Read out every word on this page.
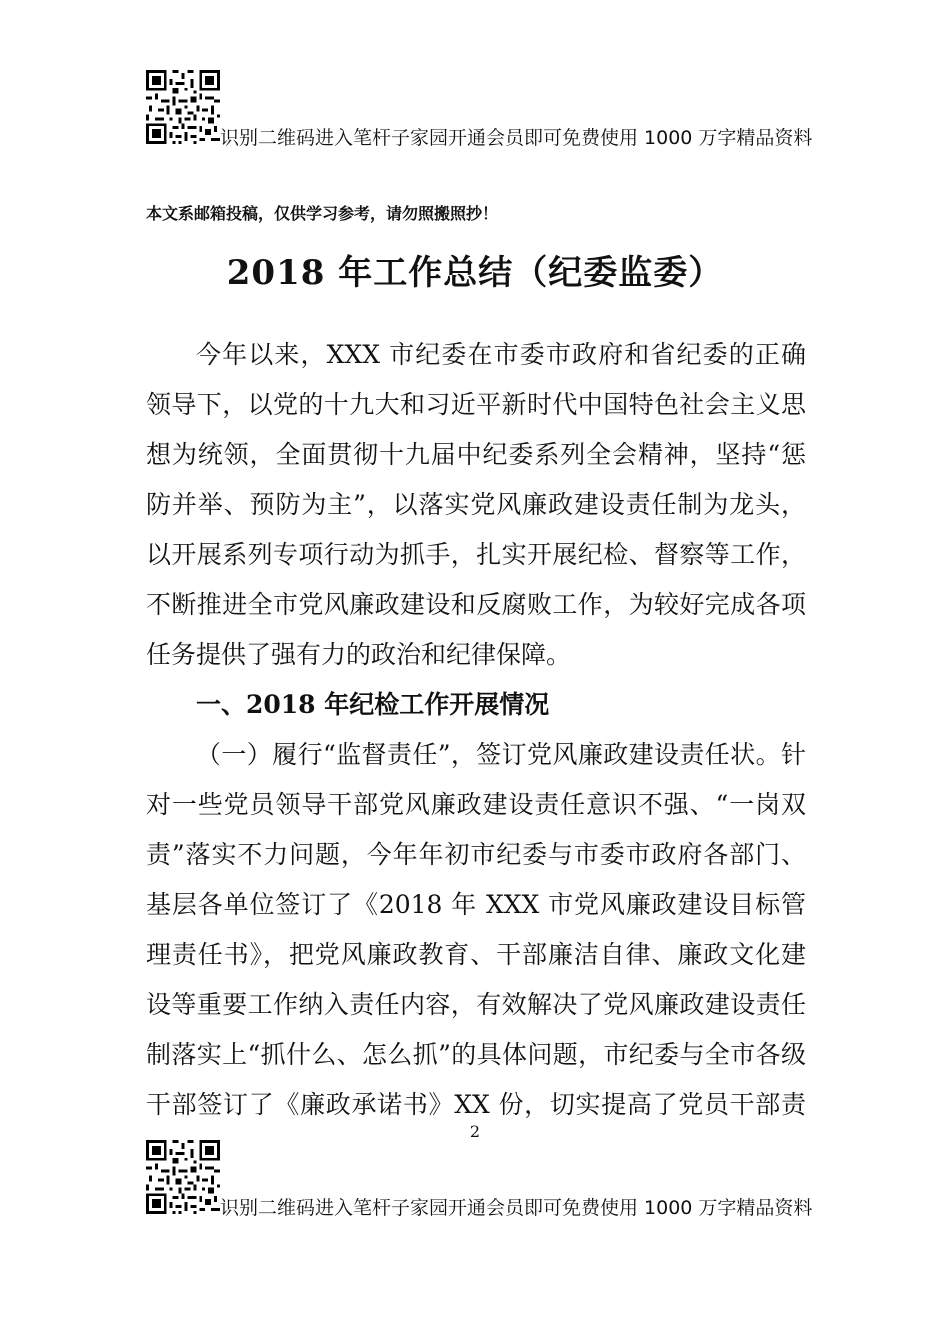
识别二维码进入笔杆子家园开通会员即可免费使用 1000 万字精品资料
本文系邮箱投稿，仅供学习参考，请勿照搬照抄！
2018 年工作总结（纪委监委）

今年以来，XXX 市纪委在市委市政府和省纪委的正确领导下，以党的十九大和习近平新时代中国特色社会主义思想为统领，全面贯彻十九届中纪委系列全会精神，坚持“惩防并举、预防为主”，以落实党风廉政建设责任制为龙头，以开展系列专项行动为抓手，扎实开展纪检、督察等工作，不断推进全市党风廉政建设和反腐败工作，为较好完成各项任务提供了强有力的政治和纪律保障。

一、2018 年纪检工作开展情况

（一）履行“监督责任”，签订党风廉政建设责任状。针对一些党员领导干部党风廉政建设责任意识不强、“一岗双责”落实不力问题，今年年初市纪委与市委市政府各部门、基层各单位签订了《2018 年 XXX 市党风廉政建设目标管理责任书》，把党风廉政教育、干部廉洁自律、廉政文化建设等重要工作纳入责任内容，有效解决了党风廉政建设责任制落实上“抓什么、怎么抓”的具体问题，市纪委与全市各级干部签订了《廉政承诺书》XX 份，切实提高了党员干部责

2
识别二维码进入笔杆子家园开通会员即可免费使用 1000 万字精品资料
